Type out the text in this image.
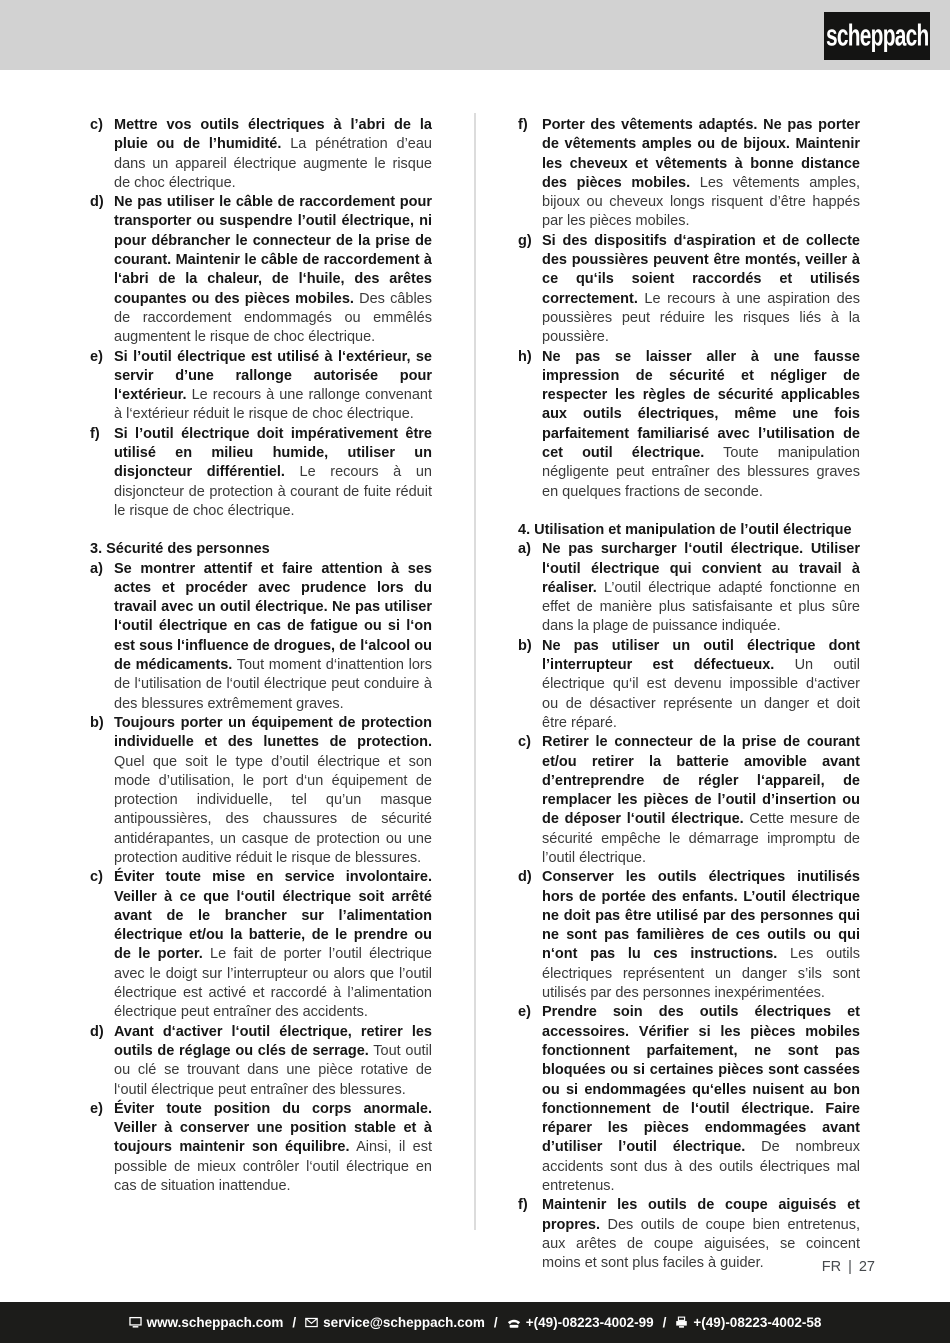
scheppach
c) Mettre vos outils électriques à l’abri de la pluie ou de l’humidité. La pénétration d’eau dans un appareil électrique augmente le risque de choc électrique.
d) Ne pas utiliser le câble de raccordement pour transporter ou suspendre l’outil électrique, ni pour débrancher le connecteur de la prise de courant. Maintenir le câble de raccordement à l‘abri de la chaleur, de l‘huile, des arêtes coupantes ou des pièces mobiles. Des câbles de raccordement endommagés ou emmêlés augmentent le risque de choc électrique.
e) Si l’outil électrique est utilisé à l‘extérieur, se servir d’une rallonge autorisée pour l‘extérieur. Le recours à une rallonge convenant à l‘extérieur réduit le risque de choc électrique.
f) Si l’outil électrique doit impérativement être utilisé en milieu humide, utiliser un disjoncteur différentiel. Le recours à un disjoncteur de protection à courant de fuite réduit le risque de choc électrique.
3. Sécurité des personnes
a) Se montrer attentif et faire attention à ses actes et procéder avec prudence lors du travail avec un outil électrique. Ne pas utiliser l‘outil électrique en cas de fatigue ou si l‘on est sous l‘influence de drogues, de l‘alcool ou de médicaments. Tout moment d‘inattention lors de l‘utilisation de l‘outil électrique peut conduire à des blessures extrêmement graves.
b) Toujours porter un équipement de protection individuelle et des lunettes de protection. Quel que soit le type d’outil électrique et son mode d’utilisation, le port d‘un équipement de protection individuelle, tel qu’un masque antipoussières, des chaussures de sécurité antidérapantes, un casque de protection ou une protection auditive réduit le risque de blessures.
c) Éviter toute mise en service involontaire. Veiller à ce que l‘outil électrique soit arrêté avant de le brancher sur l’alimentation électrique et/ou la batterie, de le prendre ou de le porter. Le fait de porter l’outil électrique avec le doigt sur l’interrupteur ou alors que l’outil électrique est activé et raccordé à l’alimentation électrique peut entraîner des accidents.
d) Avant d‘activer l‘outil électrique, retirer les outils de réglage ou clés de serrage. Tout outil ou clé se trouvant dans une pièce rotative de l‘outil électrique peut entraîner des blessures.
e) Éviter toute position du corps anormale. Veiller à conserver une position stable et à toujours maintenir son équilibre. Ainsi, il est possible de mieux contrôler l‘outil électrique en cas de situation inattendue.
f) Porter des vêtements adaptés. Ne pas porter de vêtements amples ou de bijoux. Maintenir les cheveux et vêtements à bonne distance des pièces mobiles. Les vêtements amples, bijoux ou cheveux longs risquent d’être happés par les pièces mobiles.
g) Si des dispositifs d‘aspiration et de collecte des poussières peuvent être montés, veiller à ce qu‘ils soient raccordés et utilisés correctement. Le recours à une aspiration des poussières peut réduire les risques liés à la poussière.
h) Ne pas se laisser aller à une fausse impression de sécurité et négliger de respecter les règles de sécurité applicables aux outils électriques, même une fois parfaitement familiarisé avec l’utilisation de cet outil électrique. Toute manipulation négligente peut entraîner des blessures graves en quelques fractions de seconde.
4. Utilisation et manipulation de l’outil électrique
a) Ne pas surcharger l‘outil électrique. Utiliser l‘outil électrique qui convient au travail à réaliser. L’outil électrique adapté fonctionne en effet de manière plus satisfaisante et plus sûre dans la plage de puissance indiquée.
b) Ne pas utiliser un outil électrique dont l’interrupteur est défectueux. Un outil électrique qu‘il est devenu impossible d‘activer ou de désactiver représente un danger et doit être réparé.
c) Retirer le connecteur de la prise de courant et/ou retirer la batterie amovible avant d’entreprendre de régler l‘appareil, de remplacer les pièces de l’outil d’insertion ou de déposer l‘outil électrique. Cette mesure de sécurité empêche le démarrage impromptu de l’outil électrique.
d) Conserver les outils électriques inutilisés hors de portée des enfants. L’outil électrique ne doit pas être utilisé par des personnes qui ne sont pas familières de ces outils ou qui n‘ont pas lu ces instructions. Les outils électriques représentent un danger s’ils sont utilisés par des personnes inexpérimentées.
e) Prendre soin des outils électriques et accessoires. Vérifier si les pièces mobiles fonctionnent parfaitement, ne sont pas bloquées ou si certaines pièces sont cassées ou si endommagées qu‘elles nuisent au bon fonctionnement de l‘outil électrique. Faire réparer les pièces endommagées avant d’utiliser l’outil électrique. De nombreux accidents sont dus à des outils électriques mal entretenus.
f) Maintenir les outils de coupe aiguisés et propres. Des outils de coupe bien entretenus, aux arêtes de coupe aiguisées, se coincent moins et sont plus faciles à guider.	FR | 27
www.scheppach.com / service@scheppach.com / +(49)-08223-4002-99 / +(49)-08223-4002-58
